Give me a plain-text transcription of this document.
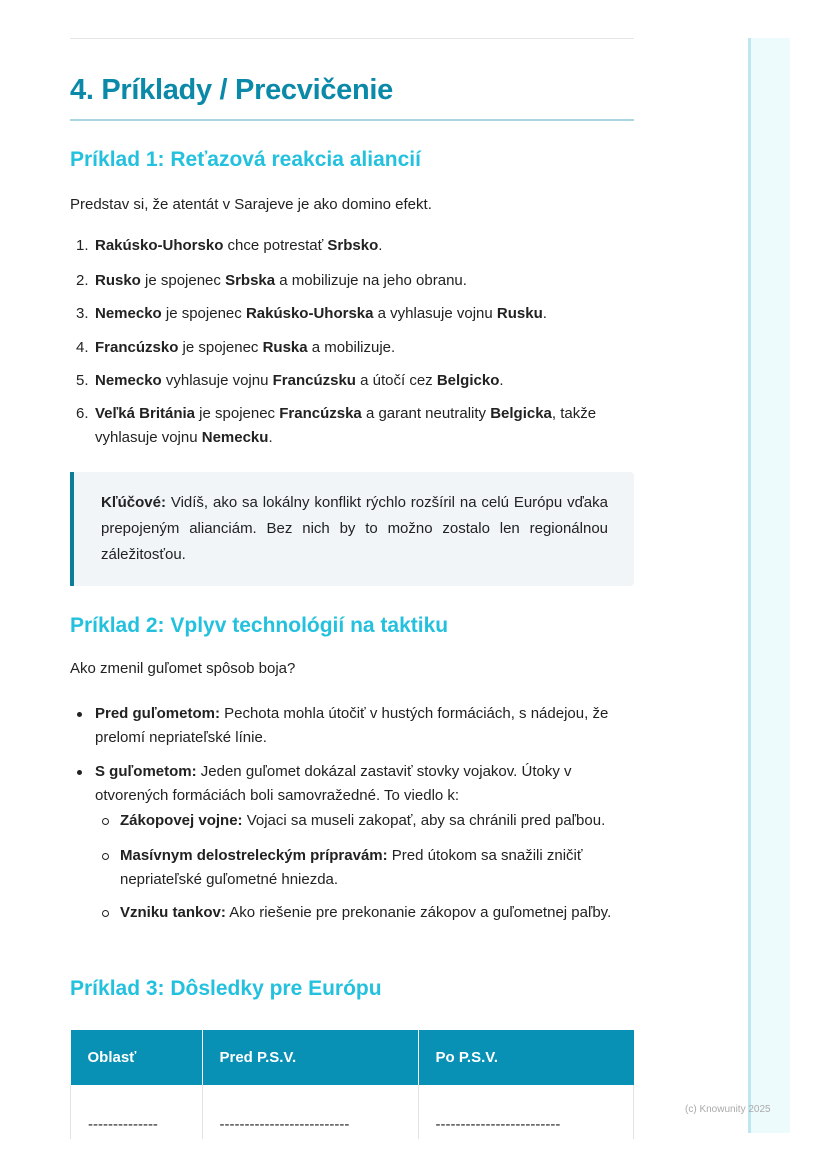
4. Príklady / Precvičenie
Príklad 1: Reťazová reakcia aliancií

Predstav si, že atentát v Sarajeve je ako domino efekt.

1. Rakúsko-Uhorsko chce potrestať Srbsko.
2. Rusko je spojenec Srbska a mobilizuje na jeho obranu.
3. Nemecko je spojenec Rakúsko-Uhorska a vyhlasuje vojnu Rusku.
4. Francúzsko je spojenec Ruska a mobilizuje.
5. Nemecko vyhlasuje vojnu Francúzsku a útočí cez Belgicko.
6. Veľká Británia je spojenec Francúzska a garant neutrality Belgicka, takže vyhlasuje vojnu Nemecku.

Kľúčové: Vidíš, ako sa lokálny konflikt rýchlo rozšíril na celú Európu vďaka prepojeným alianciám. Bez nich by to možno zostalo len regionálnou záležitosťou.

Príklad 2: Vplyv technológií na taktiku

Ako zmenil guľomet spôsob boja?

Pred guľometom: Pechota mohla útočiť v hustých formáciách, s nádejou, že prelomí nepriateľské línie.
S guľometom: Jeden guľomet dokázal zastaviť stovky vojakov. Útoky v otvorených formáciách boli samovražedné. To viedlo k:
Zákopovej vojne: Vojaci sa museli zakopať, aby sa chránili pred paľbou.
Masívnym delostreleckým prípravám: Pred útokom sa snažili zničiť nepriateľské guľometné hniezda.
Vzniku tankov: Ako riešenie pre prekonanie zákopov a guľometnej paľby.
Príklad 3: Dôsledky pre Európu
Oblasť	Pred P.S.V.	Po P.S.V.
--------------	--------------------------	-------------------------
(c) Knowunity 2025
